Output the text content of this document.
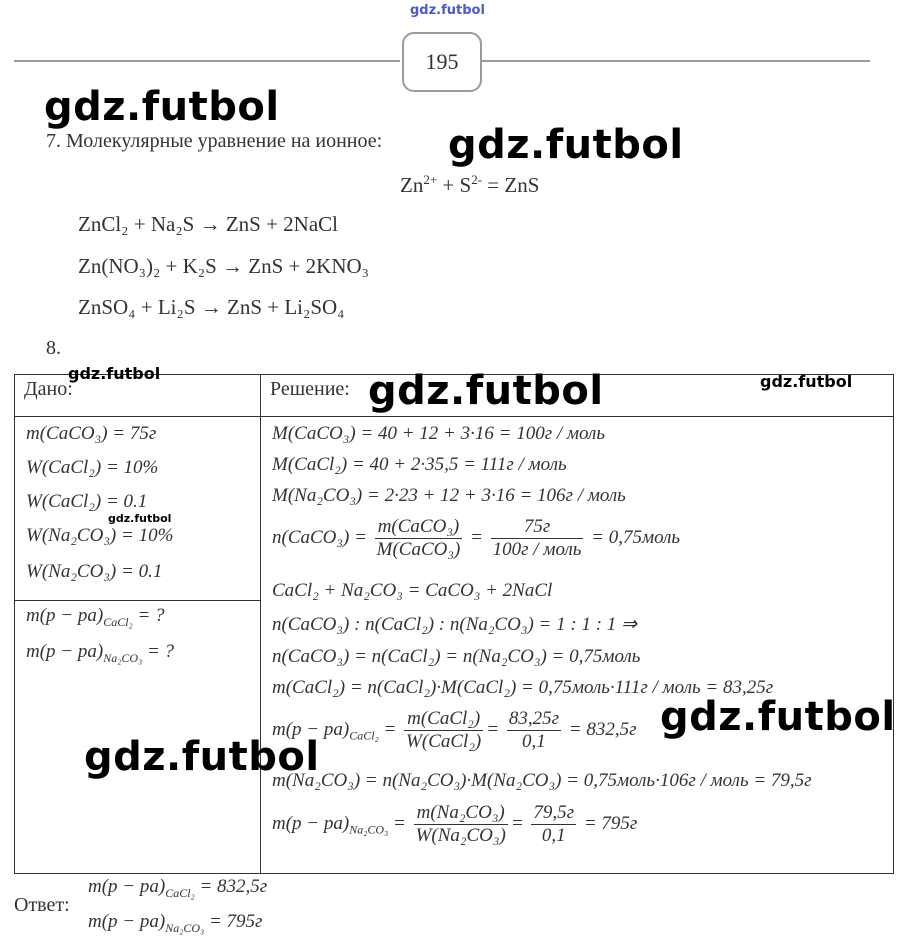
gdz.futbol
195
gdz.futbol
7. Молекулярные уравнение на ионное: gdz.futbol
$Zn^{2+} + S^{2-}$ = ZnS
ZnCl₂ + Na₂S → ZnS + 2NaCl
Zn(NO₃)₂ + K₂S → ZnS + 2KNO₃
ZnSO₄ + Li₂S → ZnS + Li₂SO₄
8.
gdz.futbol
Дано:	Решение: gdz.futbol	gdz.futbol
m(CaCO₃) = 75г
W(CaCl₂) = 10%
W(CaCl₂) = 0.1
gdz.futbol
W(Na₂CO₃) = 10%
W(Na₂CO₃) = 0.1
$m(p - pa)_{CaCl_2}$ = ?
$m(p - pa)_{Na_2CO_3}$ = ?
gdz.futbol
M(CaCO₃) = 40 + 12 + 3·16 = 100г / моль
M(CaCl₂) = 40 + 2·35,5 = 111г / моль
M(Na₂CO₃) = 2·23 + 12 + 3·16 = 106г / моль
n(CaCO₃) = $\frac{\text{m(CaCO₃)}}{\text{M(CaCO₃)}} = \frac{75г}{\text{100г / моль}}$ = 0,75моль
CaCl₂ + Na₂CO₃ = CaCO₃ + 2NaCl
n(CaCO₃) : n(CaCl₂) : n(Na₂CO₃) = 1 : 1 : 1 ⇒
n(CaCO₃) = n(CaCl₂) = n(Na₂CO₃) = 0,75моль
m(CaCl₂) = n(CaCl₂)·M(CaCl₂) = 0,75моль·111г / моль = 83,25г
$m(p - pa)_{CaCl_2} = \frac{\text{m(CaCl₂)}}{\text{W(CaCl₂)}} = \frac{83,25г}{0,1} = 832,5г$ gdz.futbol
m(Na₂CO₃) = n(Na₂CO₃)·M(Na₂CO₃) = 0,75моль·106г / моль = 79,5г
$m(p - pa)_{Na_2CO_3} = \frac{\text{m(Na₂CO₃)}}{\text{W(Na₂CO₃)}} = \frac{79,5г}{0,1} = 795г$
Ответ:
$m(p - pa)_{CaCl_2} = 832,5г$
$m(p - pa)_{Na_2CO_3} = 795г$
